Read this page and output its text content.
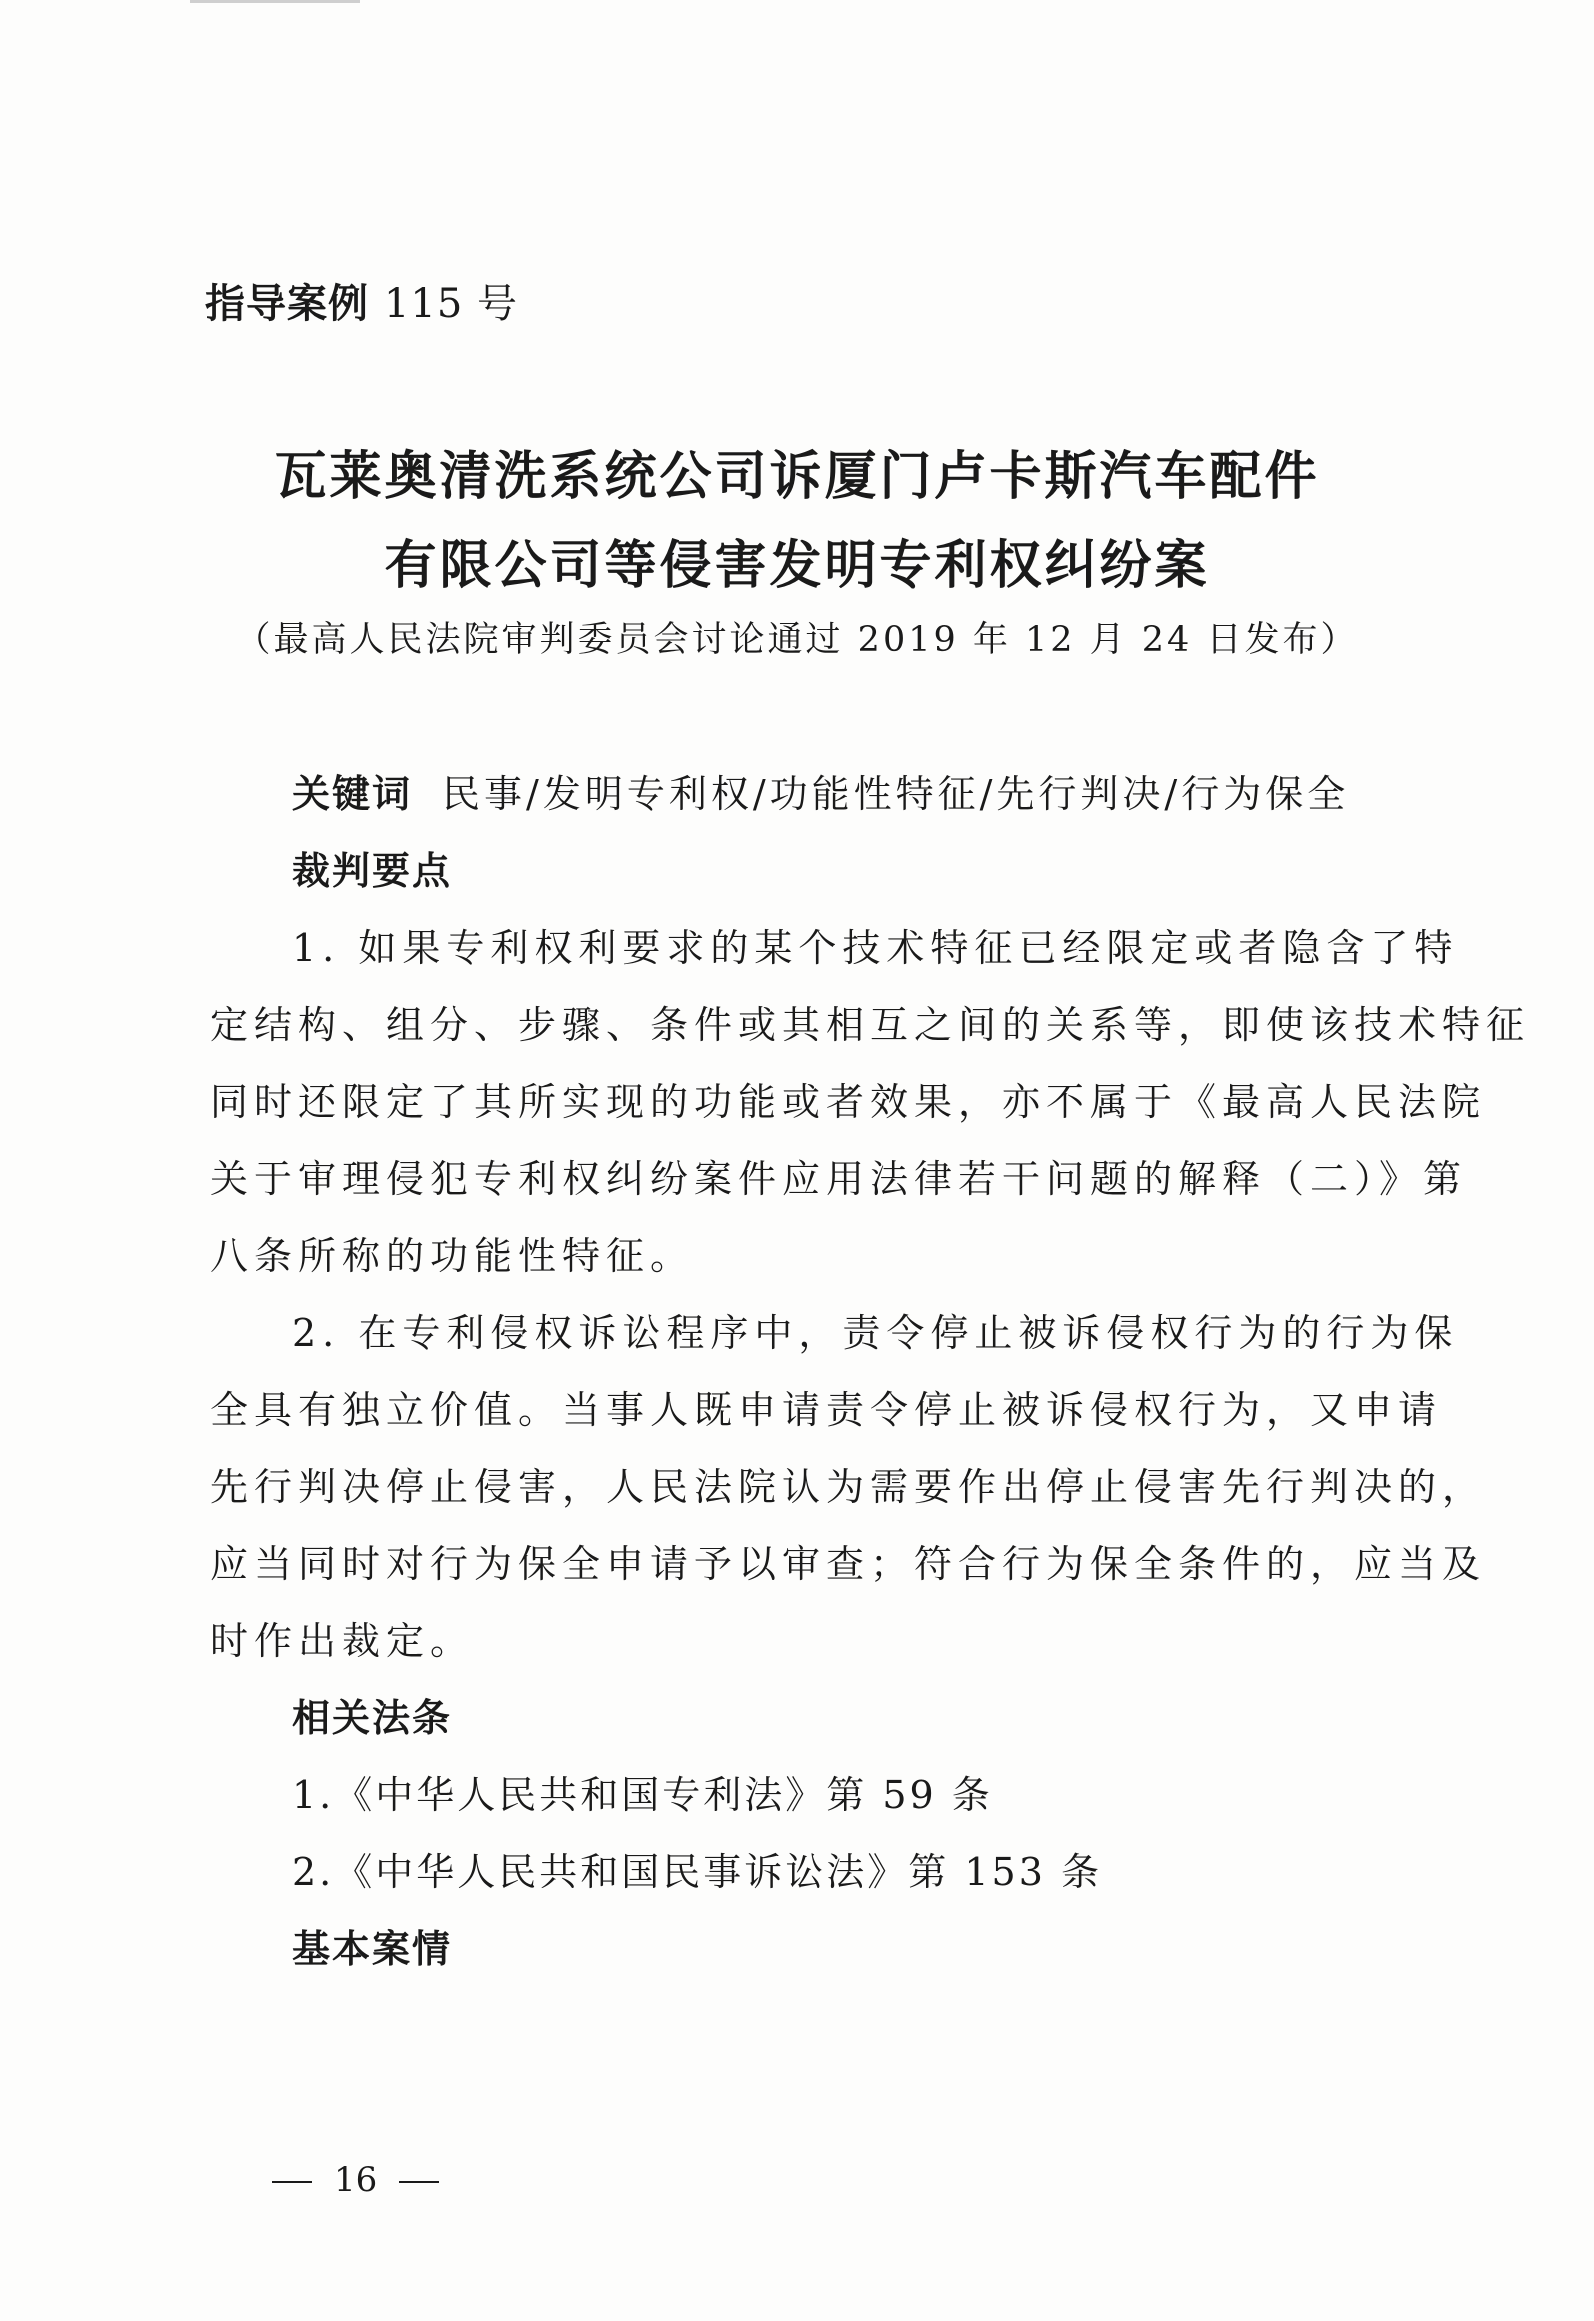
指导案例 115 号
瓦莱奥清洗系统公司诉厦门卢卡斯汽车配件
有限公司等侵害发明专利权纠纷案
（最高人民法院审判委员会讨论通过 2019 年 12 月 24 日发布）
关键词 民事/发明专利权/功能性特征/先行判决/行为保全
裁判要点
1. 如果专利权利要求的某个技术特征已经限定或者隐含了特
定结构、组分、步骤、条件或其相互之间的关系等，即使该技术特征
同时还限定了其所实现的功能或者效果，亦不属于《最高人民法院
关于审理侵犯专利权纠纷案件应用法律若干问题的解释（二）》第
八条所称的功能性特征。
2. 在专利侵权诉讼程序中，责令停止被诉侵权行为的行为保
全具有独立价值。当事人既申请责令停止被诉侵权行为，又申请
先行判决停止侵害，人民法院认为需要作出停止侵害先行判决的，
应当同时对行为保全申请予以审查；符合行为保全条件的，应当及
时作出裁定。
相关法条
1.《中华人民共和国专利法》第 59 条
2.《中华人民共和国民事诉讼法》第 153 条
基本案情
16
